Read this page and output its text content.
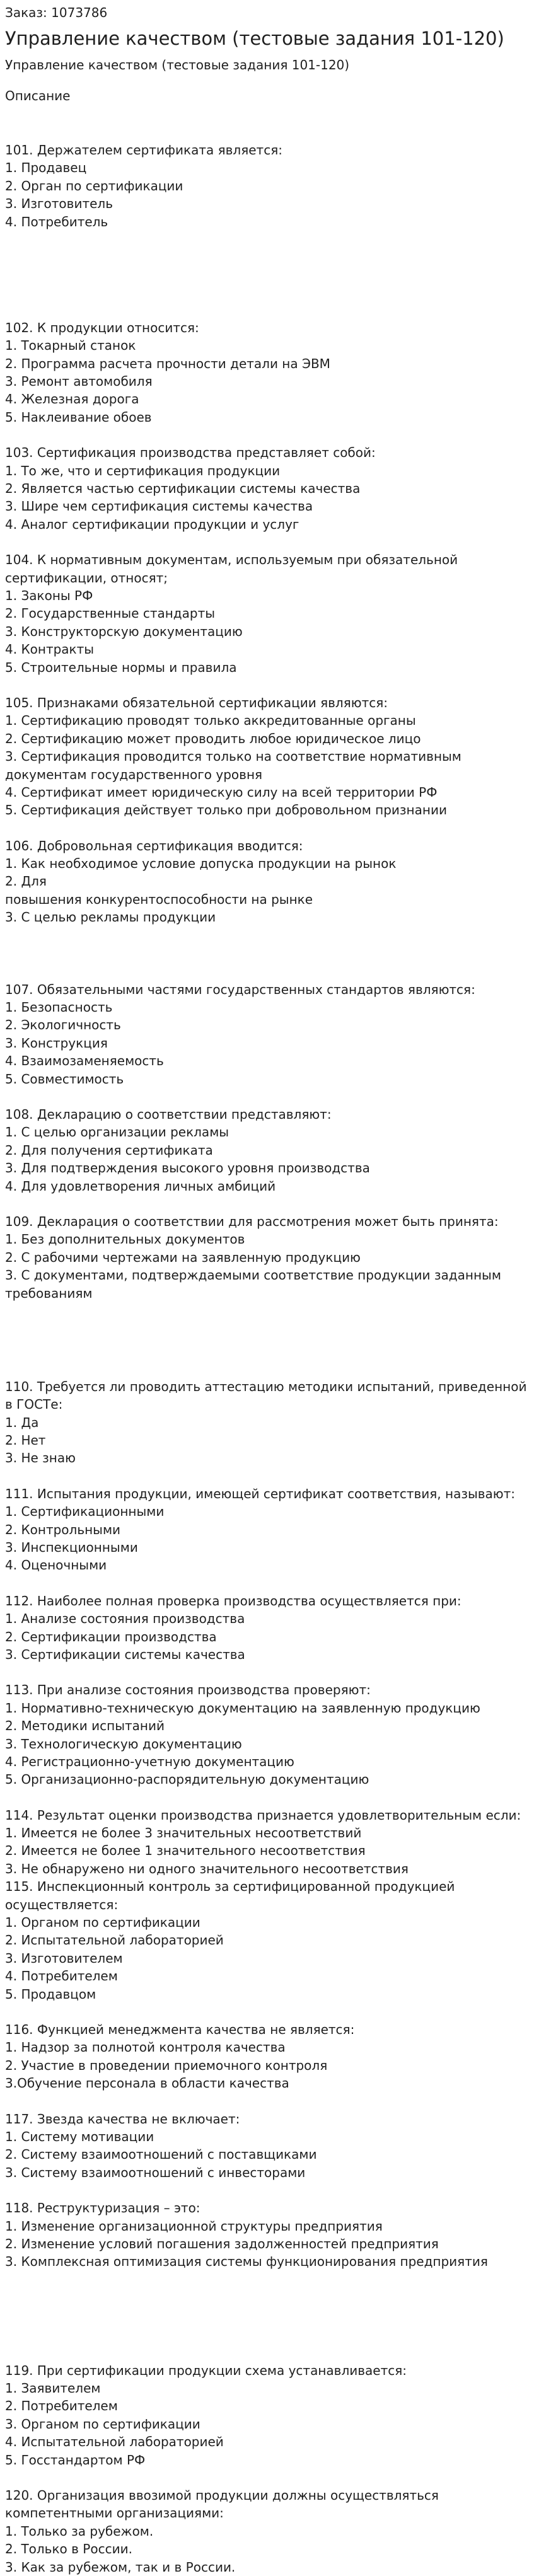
Заказ: 1073786
Управление качеством (тестовые задания 101-120)
Управление качеством (тестовые задания 101-120)
Описание
101. Держателем сертификата является:
1. Продавец
2. Орган по сертификации
3. Изготовитель
4. Потребитель
102. К продукции относится:
1. Токарный станок
2. Программа расчета прочности детали на ЭВМ
3. Ремонт автомобиля
4. Железная дорога
5. Наклеивание обоев
103. Сертификация производства представляет собой:
1. То же, что и сертификация продукции
2. Является частью сертификации системы качества
3. Шире чем сертификация системы качества
4. Аналог сертификации продукции и услуг
104. К нормативным документам, используемым при обязательной сертификации, относят;
1. Законы РФ
2. Государственные стандарты
3. Конструкторскую документацию
4. Контракты
5. Строительные нормы и правила
105. Признаками обязательной сертификации являются:
1. Сертификацию проводят только аккредитованные органы
2. Сертификацию может проводить любое юридическое лицо
3. Сертификация проводится только на соответствие нормативным документам государственного уровня
4. Сертификат имеет юридическую силу на всей территории РФ
5. Сертификация действует только при добровольном признании
106. Добровольная сертификация вводится:
1. Как необходимое условие допуска продукции на рынок
2. Для
повышения конкурентоспособности на рынке
3. С целью рекламы продукции
107. Обязательными частями государственных стандартов являются:
1. Безопасность
2. Экологичность
3. Конструкция
4. Взаимозаменяемость
5. Совместимость
108. Декларацию о соответствии представляют:
1. С целью организации рекламы
2. Для получения сертификата
3. Для подтверждения высокого уровня производства
4. Для удовлетворения личных амбиций
109. Декларация о соответствии для рассмотрения может быть принята:
1. Без дополнительных документов
2. С рабочими чертежами на заявленную продукцию
3. С документами, подтверждаемыми соответствие продукции заданным требованиям
110. Требуется ли проводить аттестацию методики испытаний, приведенной в ГОСТе:
1. Да
2. Нет
3. Не знаю
111. Испытания продукции, имеющей сертификат соответствия, называют:
1. Сертификационными
2. Контрольными
3. Инспекционными
4. Оценочными
112. Наиболее полная проверка производства осуществляется при:
1. Анализе состояния производства
2. Сертификации производства
3. Сертификации системы качества
113. При анализе состояния производства проверяют:
1. Нормативно-техническую документацию на заявленную продукцию
2. Методики испытаний
3. Технологическую документацию
4. Регистрационно-учетную документацию
5. Организационно-распорядительную документацию
114. Результат оценки производства признается удовлетворительным если:
1. Имеется не более 3 значительных несоответствий
2. Имеется не более 1 значительного несоответствия
3. Не обнаружено ни одного значительного несоответствия
115. Инспекционный контроль за сертифицированной продукцией осуществляется:
1. Органом по сертификации
2. Испытательной лабораторией
3. Изготовителем
4. Потребителем
5. Продавцом
116. Функцией менеджмента качества не является:
1. Надзор за полнотой контроля качества
2. Участие в проведении приемочного контроля
3.Обучение персонала в области качества
117. Звезда качества не включает:
1. Систему мотивации
2. Систему взаимоотношений с поставщиками
3. Систему взаимоотношений с инвесторами
118. Реструктуризация – это:
1. Изменение организационной структуры предприятия
2. Изменение условий погашения задолженностей предприятия
3. Комплексная оптимизация системы функционирования предприятия
119. При сертификации продукции схема устанавливается:
1. Заявителем
2. Потребителем
3. Органом по сертификации
4. Испытательной лабораторией
5. Госстандартом РФ
120. Организация ввозимой продукции должны осуществляться компетентными организациями:
1. Только за рубежом.
2. Только в России.
3. Как за рубежом, так и в России.
